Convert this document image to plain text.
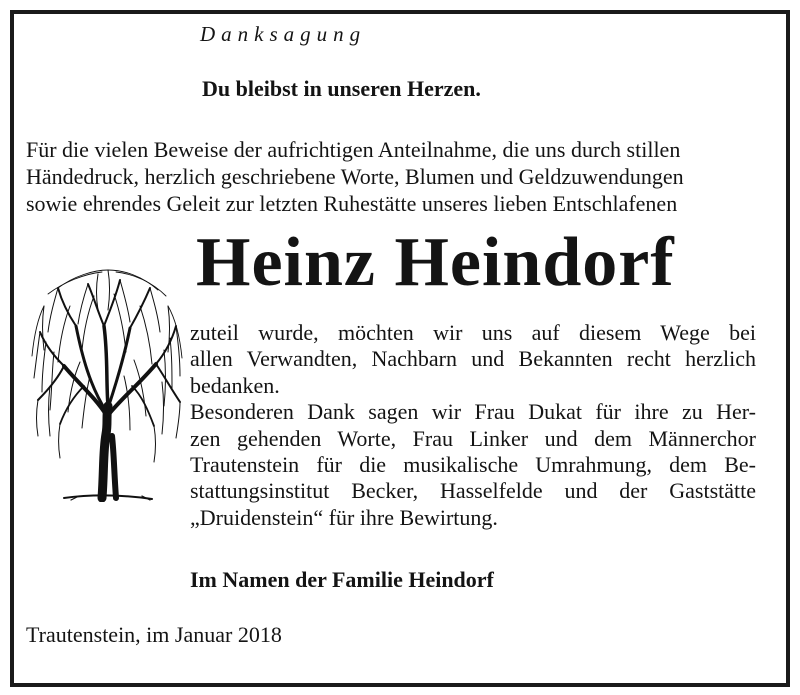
Danksagung
Du bleibst in unseren Herzen.
Für die vielen Beweise der aufrichtigen Anteilnahme, die uns durch stillen
Händedruck, herzlich geschriebene Worte, Blumen und Geldzuwendungen
sowie ehrendes Geleit zur letzten Ruhestätte unseres lieben Entschlafenen
Heinz Heindorf
zuteil wurde, möchten wir uns auf diesem Wege bei
allen Verwandten, Nachbarn und Bekannten recht herzlich
bedanken.
Besonderen Dank sagen wir Frau Dukat für ihre zu Her-
zen gehenden Worte, Frau Linker und dem Männerchor
Trautenstein für die musikalische Umrahmung, dem Be-
stattungsinstitut Becker, Hasselfelde und der Gaststätte
„Druidenstein“ für ihre Bewirtung.
Im Namen der Familie Heindorf
Trautenstein, im Januar 2018
